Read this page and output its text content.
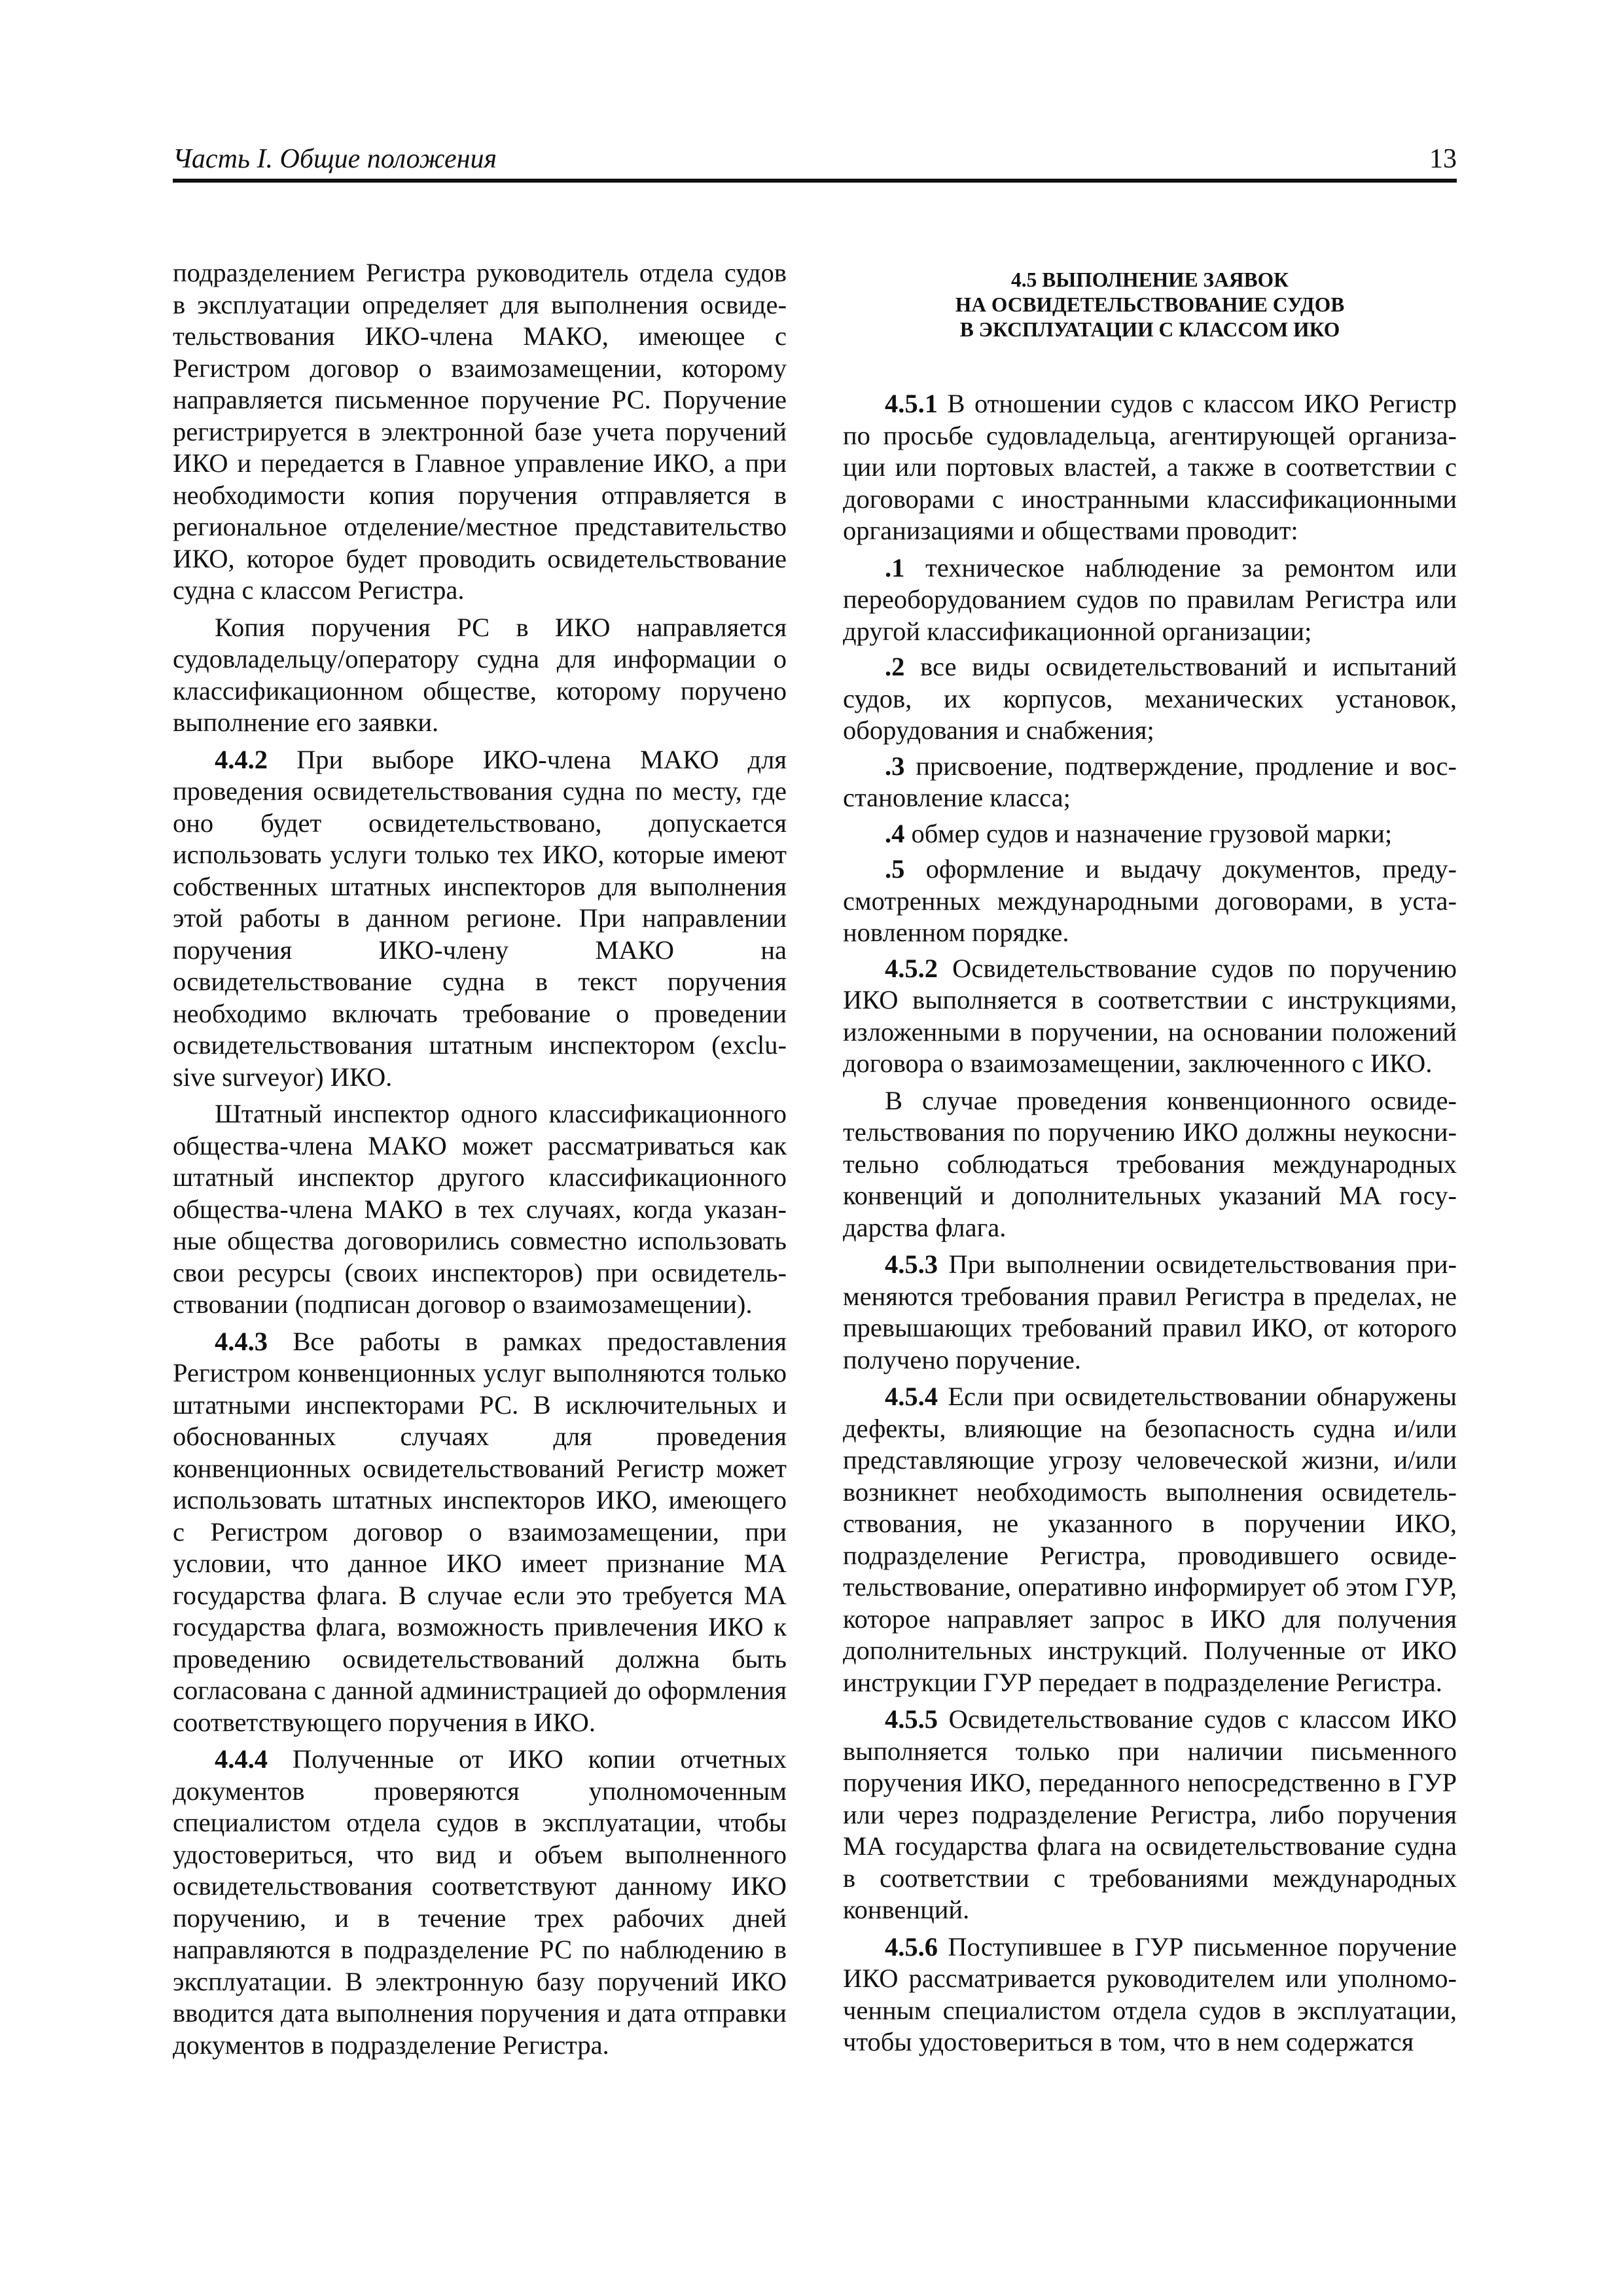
Часть I. Общие положения	13

подразделением Регистра руководитель отдела судов в эксплуатации определяет для выполнения освидетельствования ИКО-члена МАКО, имеющее с Регистром договор о взаимозамещении, которому направляется письменное поручение РС. Поручение регистрируется в электронной базе учета поручений ИКО и передается в Главное управление ИКО, а при необходимости копия поручения отправляется в региональное отделение/местное представительство ИКО, которое будет проводить освидетельствование судна с классом Регистра.

Копия поручения РС в ИКО направляется судовладельцу/оператору судна для информации о классификационном обществе, которому поручено выполнение его заявки.

4.4.2 При выборе ИКО-члена МАКО для проведения освидетельствования судна по месту, где оно будет освидетельствовано, допускается использовать услуги только тех ИКО, которые имеют собственных штатных инспекторов для выполнения этой работы в данном регионе. При направлении поручения ИКО-члену МАКО на освидетельствование судна в текст поручения необходимо включать требование о проведении освидетельствования штатным инспектором (exclusive surveyor) ИКО.

Штатный инспектор одного классификационного общества-члена МАКО может рассматриваться как штатный инспектор другого классификационного общества-члена МАКО в тех случаях, когда указанные общества договорились совместно использовать свои ресурсы (своих инспекторов) при освидетельствовании (подписан договор о взаимозамещении).

4.4.3 Все работы в рамках предоставления Регистром конвенционных услуг выполняются только штатными инспекторами РС. В исключительных и обоснованных случаях для проведения конвенционных освидетельствований Регистр может использовать штатных инспекторов ИКО, имеющего с Регистром договор о взаимозамещении, при условии, что данное ИКО имеет признание МА государства флага. В случае если это требуется МА государства флага, возможность привлечения ИКО к проведению освидетельствований должна быть согласована с данной администрацией до оформления соответствующего поручения в ИКО.

4.4.4 Полученные от ИКО копии отчетных документов проверяются уполномоченным специалистом отдела судов в эксплуатации, чтобы удостовериться, что вид и объем выполненного освидетельствования соответствуют данному ИКО поручению, и в течение трех рабочих дней направляются в подразделение РС по наблюдению в эксплуатации. В электронную базу поручений ИКО вводится дата выполнения поручения и дата отправки документов в подразделение Регистра.

4.5 ВЫПОЛНЕНИЕ ЗАЯВОК
НА ОСВИДЕТЕЛЬСТВОВАНИЕ СУДОВ
В ЭКСПЛУАТАЦИИ С КЛАССОМ ИКО

4.5.1 В отношении судов с классом ИКО Регистр по просьбе судовладельца, агентирующей организации или портовых властей, а также в соответствии с договорами с иностранными классификационными организациями и обществами проводит:

.1 техническое наблюдение за ремонтом или переоборудованием судов по правилам Регистра или другой классификационной организации;

.2 все виды освидетельствований и испытаний судов, их корпусов, механических установок, оборудования и снабжения;

.3 присвоение, подтверждение, продление и восстановление класса;

.4 обмер судов и назначение грузовой марки;

.5 оформление и выдачу документов, предусмотренных международными договорами, в установленном порядке.

4.5.2 Освидетельствование судов по поручению ИКО выполняется в соответствии с инструкциями, изложенными в поручении, на основании положений договора о взаимозамещении, заключенного с ИКО.

В случае проведения конвенционного освидетельствования по поручению ИКО должны неукоснительно соблюдаться требования международных конвенций и дополнительных указаний МА государства флага.

4.5.3 При выполнении освидетельствования применяются требования правил Регистра в пределах, не превышающих требований правил ИКО, от которого получено поручение.

4.5.4 Если при освидетельствовании обнаружены дефекты, влияющие на безопасность судна и/или представляющие угрозу человеческой жизни, и/или возникнет необходимость выполнения освидетельствования, не указанного в поручении ИКО, подразделение Регистра, проводившего освидетельствование, оперативно информирует об этом ГУР, которое направляет запрос в ИКО для получения дополнительных инструкций. Полученные от ИКО инструкции ГУР передает в подразделение Регистра.

4.5.5 Освидетельствование судов с классом ИКО выполняется только при наличии письменного поручения ИКО, переданного непосредственно в ГУР или через подразделение Регистра, либо поручения МА государства флага на освидетельствование судна в соответствии с требованиями международных конвенций.

4.5.6 Поступившее в ГУР письменное поручение ИКО рассматривается руководителем или уполномоченным специалистом отдела судов в эксплуатации, чтобы удостовериться в том, что в нем содержатся
